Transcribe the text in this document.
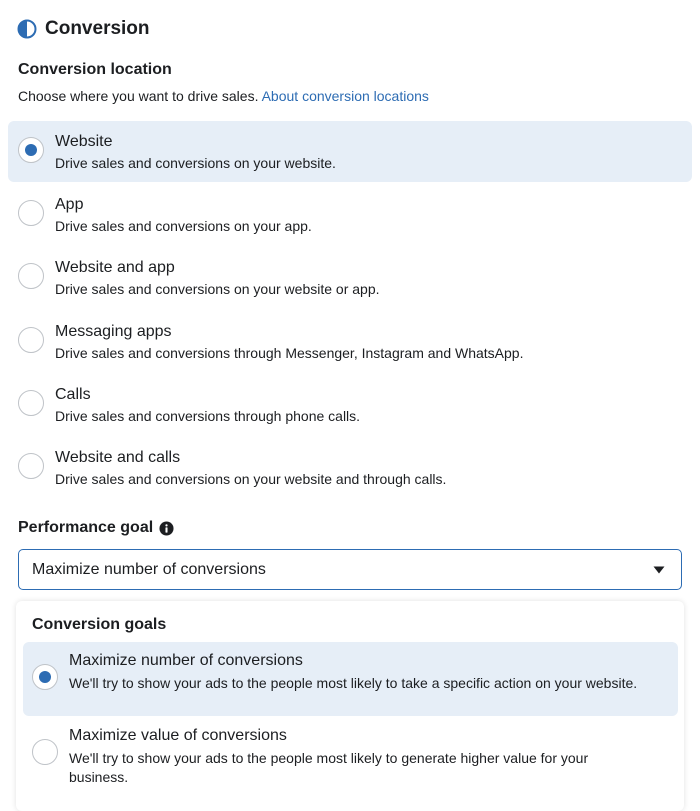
Conversion
Conversion location
Choose where you want to drive sales. About conversion locations
Website
Drive sales and conversions on your website.
App
Drive sales and conversions on your app.
Website and app
Drive sales and conversions on your website or app.
Messaging apps
Drive sales and conversions through Messenger, Instagram and WhatsApp.
Calls
Drive sales and conversions through phone calls.
Website and calls
Drive sales and conversions on your website and through calls.
Performance goal
Maximize number of conversions
Conversion goals
Maximize number of conversions
We'll try to show your ads to the people most likely to take a specific action on your website.
Maximize value of conversions
We'll try to show your ads to the people most likely to generate higher value for your business.
